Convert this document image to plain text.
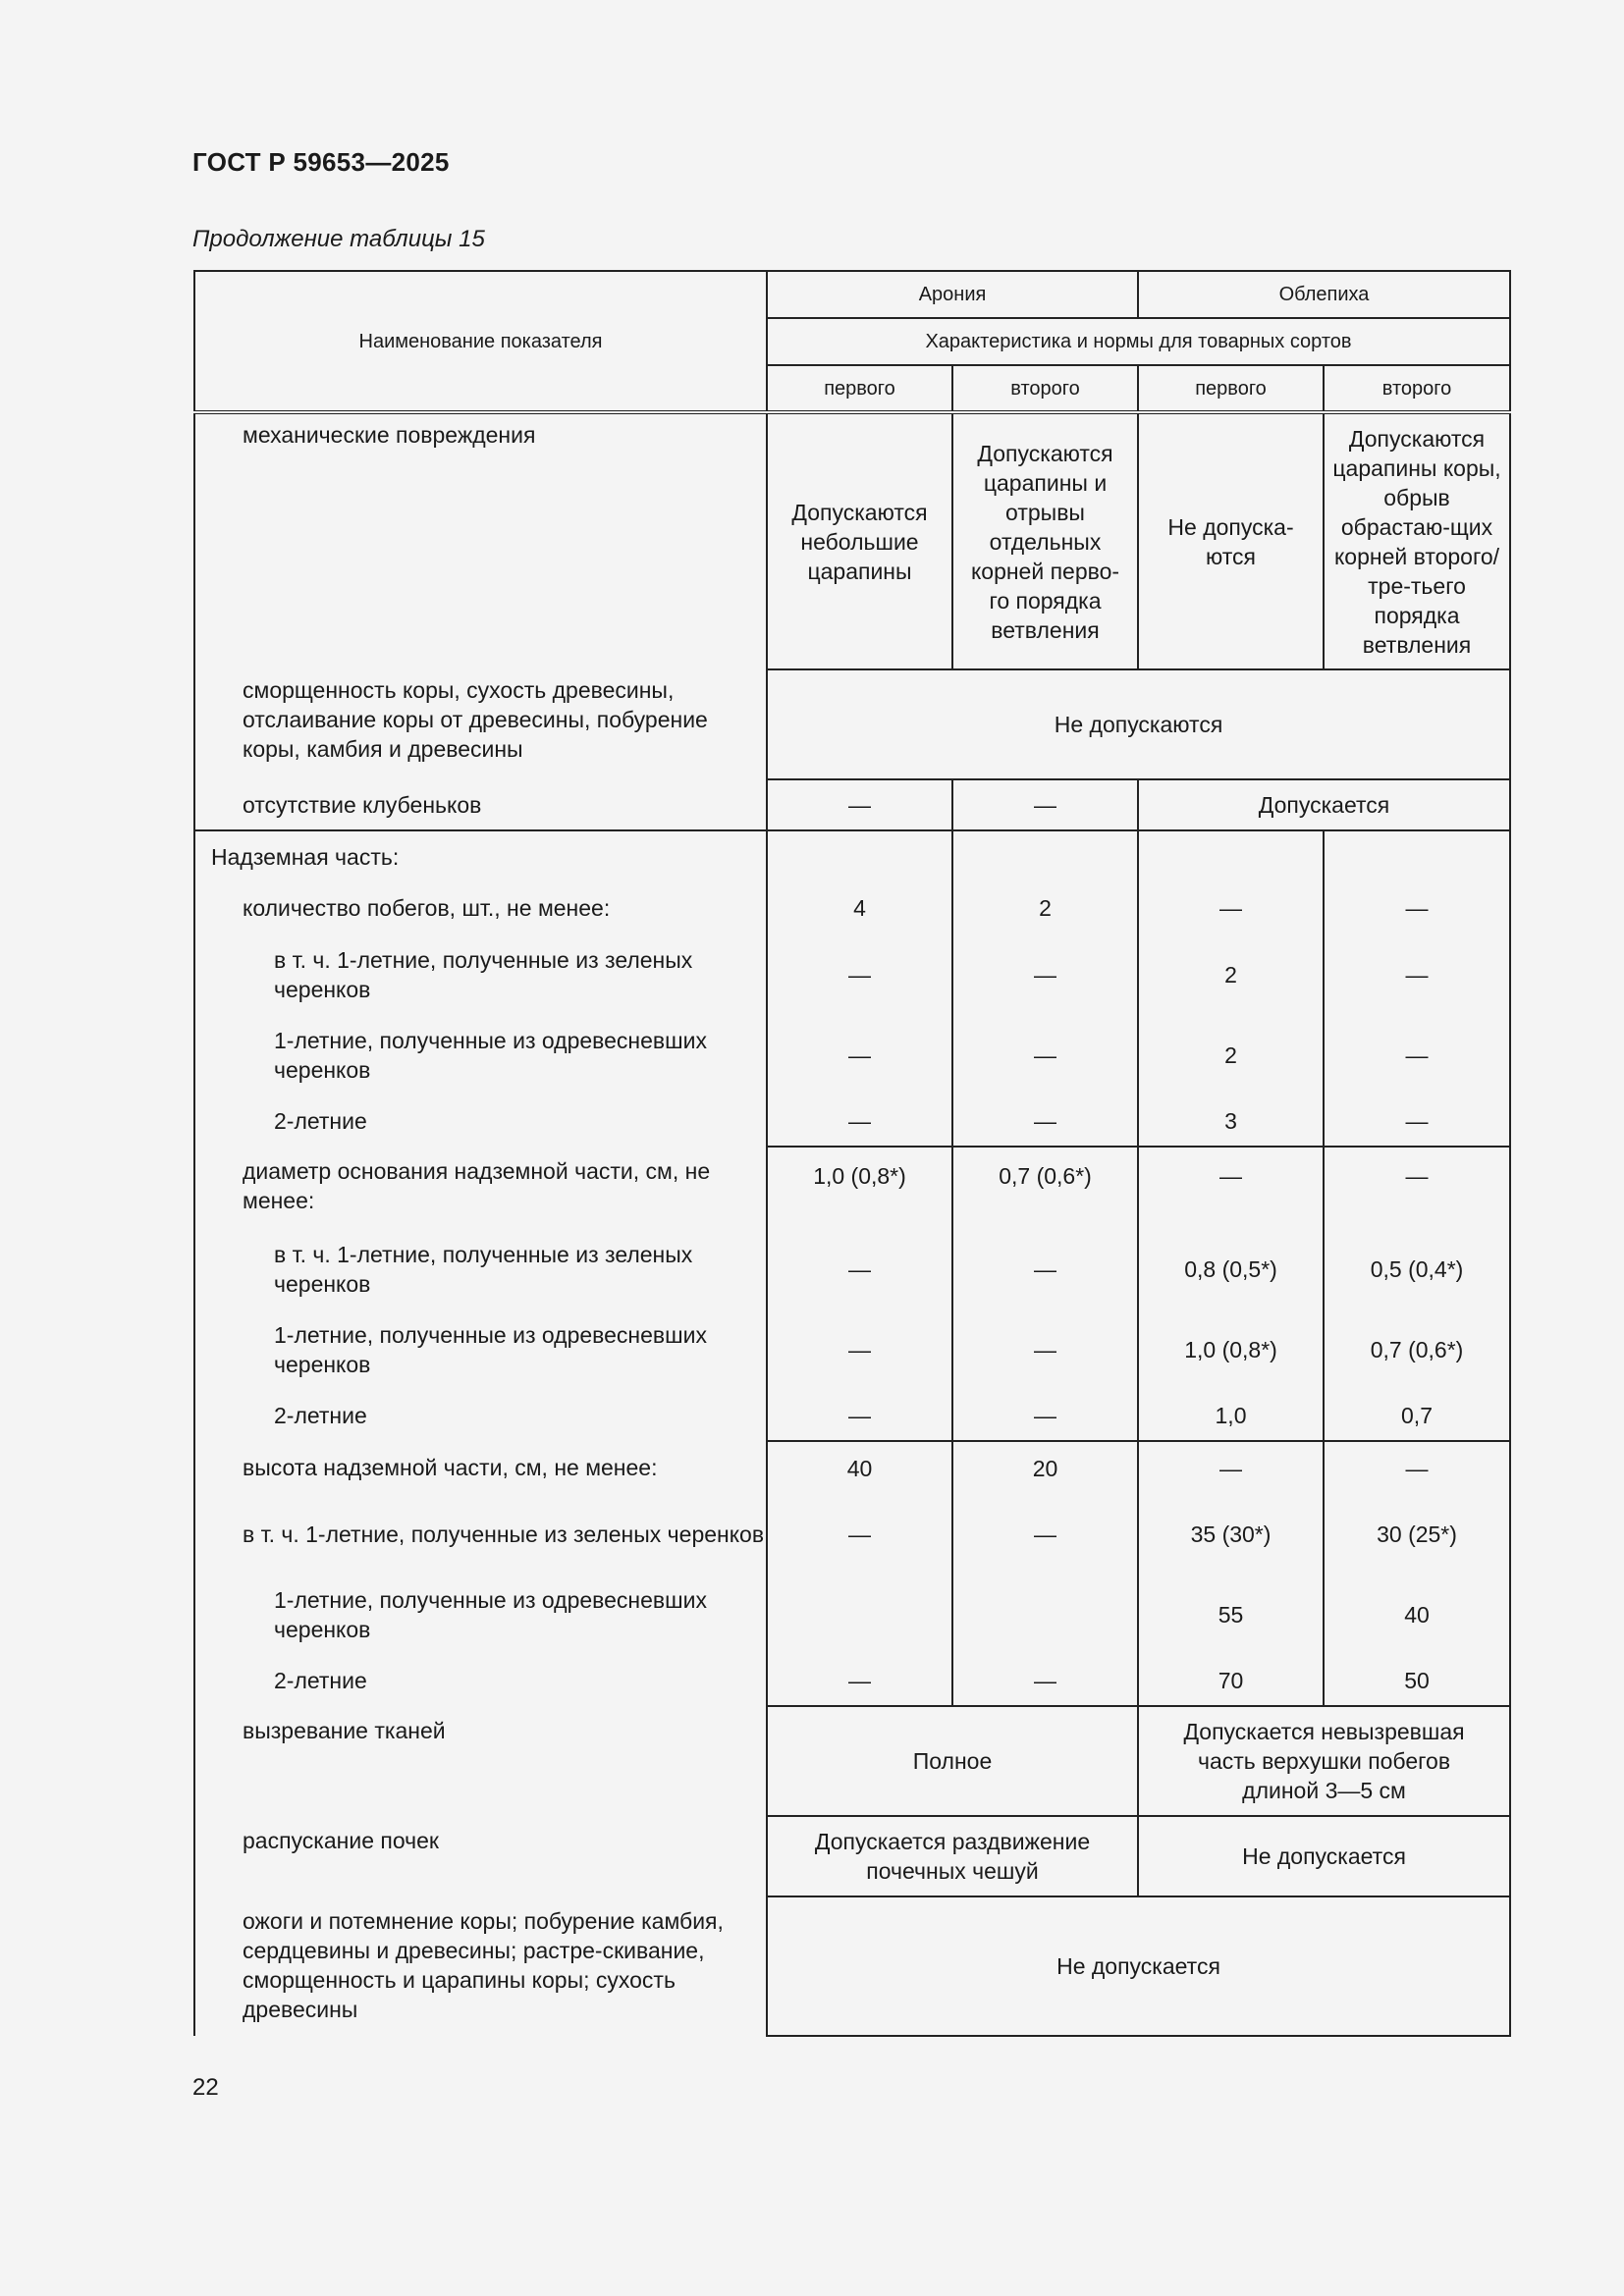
ГОСТ Р 59653—2025
Продолжение таблицы 15
Наименование показателя	Арония		Облепиха	
	Характеристика и нормы для товарных сортов			
	первого	второго	первого	второго
механические повреждения	Допускаются небольшие царапины	Допускаются царапины и отрывы отдельных корней перво-го порядка ветвления	Не допуска-ются	Допускаются царапины коры, обрыв обрастаю-щих корней второго/тре-тьего порядка ветвления
сморщенность коры, сухость древесины, отслаивание коры от древесины, побурение коры, камбия и древесины	Не допускаются			
отсутствие клубеньков	—	—	Допускается	
Надземная часть:				
количество побегов, шт., не менее:	4	2	—	—
в т. ч. 1-летние, полученные из зеленых черенков	—	—	2	—
1-летние, полученные из одревесневших черенков	—	—	2	—
2-летние	—	—	3	—
диаметр основания надземной части, см, не менее:	1,0 (0,8*)	0,7 (0,6*)	—	—
в т. ч. 1-летние, полученные из зеленых черенков	—	—	0,8 (0,5*)	0,5 (0,4*)
1-летние, полученные из одревесневших черенков	—	—	1,0 (0,8*)	0,7 (0,6*)
2-летние	—	—	1,0	0,7
высота надземной части, см, не менее:	40	20	—	—
в т. ч. 1-летние, полученные из зеленых черенков	—	—	35 (30*)	30 (25*)
1-летние, полученные из одревесневших черенков			55	40
2-летние	—	—	70	50
вызревание тканей	Полное		Допускается невызревшая часть верхушки побегов длиной 3—5 см	
распускание почек	Допускается раздвижение почечных чешуй		Не допускается	
ожоги и потемнение коры; побурение камбия, сердцевины и древесины; растре-скивание, сморщенность и царапины коры; сухость древесины	Не допускается			
22
